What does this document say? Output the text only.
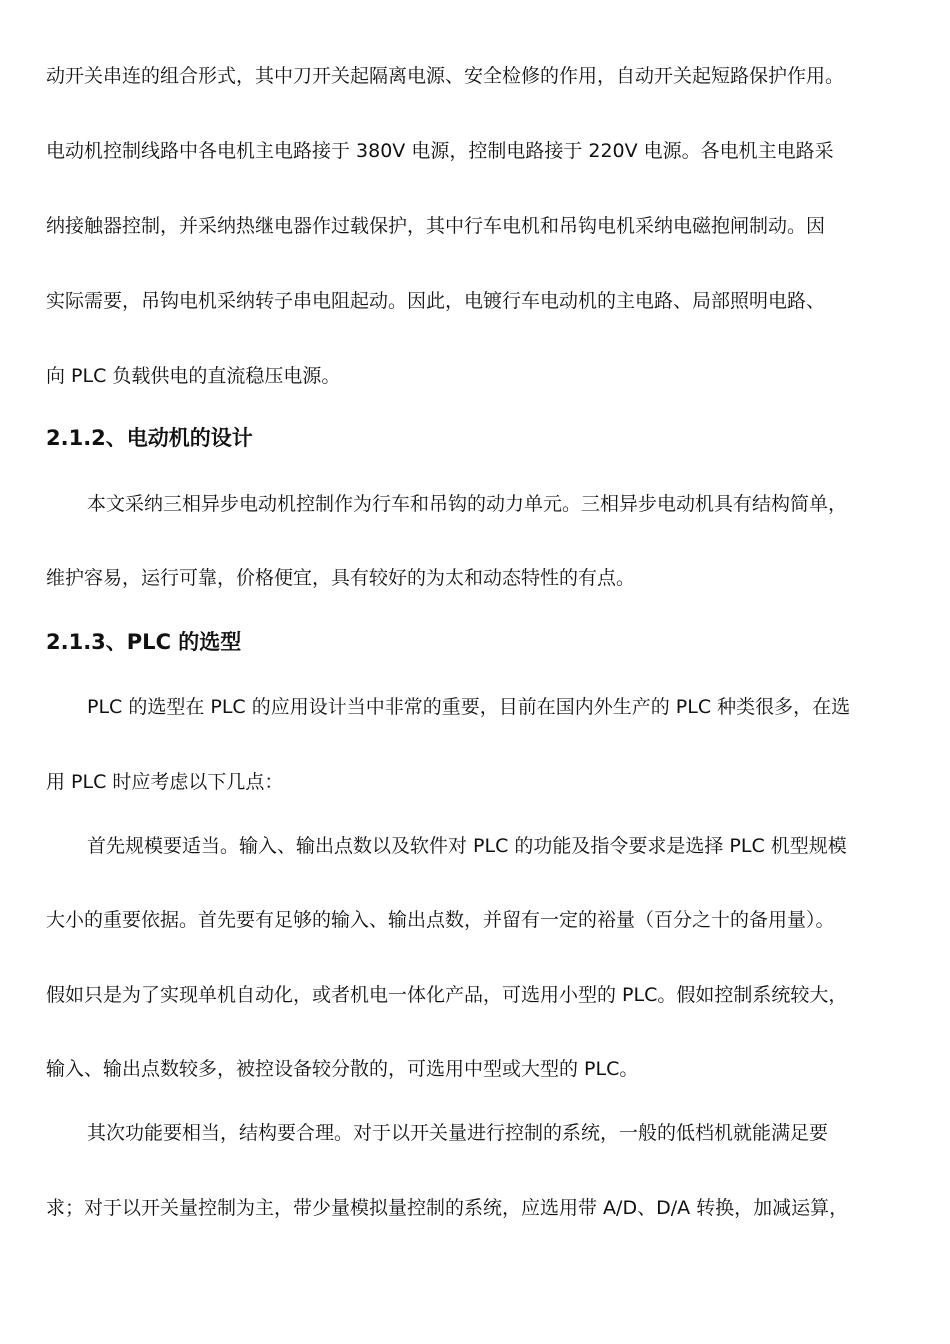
动开关串连的组合形式，其中刀开关起隔离电源、安全检修的作用，自动开关起短路保护作用。
电动机控制线路中各电机主电路接于 380V 电源，控制电路接于 220V 电源。各电机主电路采
纳接触器控制，并采纳热继电器作过载保护，其中行车电机和吊钩电机采纳电磁抱闸制动。因
实际需要，吊钩电机采纳转子串电阻起动。因此，电镀行车电动机的主电路、局部照明电路、
向 PLC 负载供电的直流稳压电源。
2.1.2、电动机的设计
本文采纳三相异步电动机控制作为行车和吊钩的动力单元。三相异步电动机具有结构简单，
维护容易，运行可靠，价格便宜，具有较好的为太和动态特性的有点。
2.1.3、PLC 的选型
PLC 的选型在 PLC 的应用设计当中非常的重要，目前在国内外生产的 PLC 种类很多，在选
用 PLC 时应考虑以下几点：
首先规模要适当。输入、输出点数以及软件对 PLC 的功能及指令要求是选择 PLC 机型规模
大小的重要依据。首先要有足够的输入、输出点数，并留有一定的裕量（百分之十的备用量）。
假如只是为了实现单机自动化，或者机电一体化产品，可选用小型的 PLC。假如控制系统较大，
输入、输出点数较多，被控设备较分散的，可选用中型或大型的 PLC。
其次功能要相当，结构要合理。对于以开关量进行控制的系统，一般的低档机就能满足要
求；对于以开关量控制为主，带少量模拟量控制的系统，应选用带 A/D、D/A 转换，加减运算，
